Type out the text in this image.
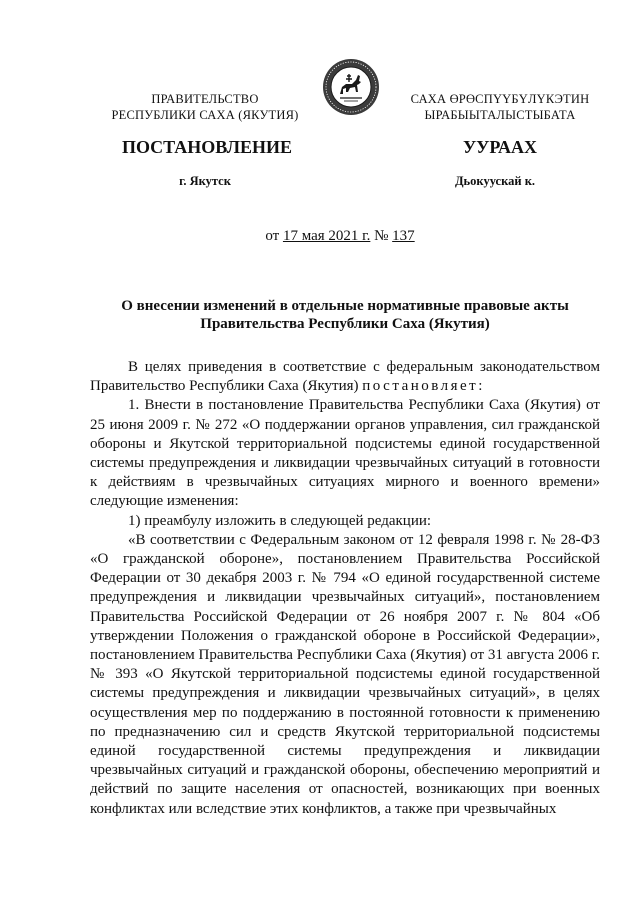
ПРАВИТЕЛЬСТВО
РЕСПУБЛИКИ САХА (ЯКУТИЯ)
САХА ӨРӨСПҮҮБҮЛҮКЭТИН
ЫРАБЫЫТАЛЫСТЫБАТА
ПОСТАНОВЛЕНИЕ	УУРААХ
г. Якутск	Дьокуускай к.
от 17 мая 2021 г. № 137
О внесении изменений в отдельные нормативные правовые акты
Правительства Республики Саха (Якутия)

В целях приведения в соответствие с федеральным законодательством Правительство Республики Саха (Якутия) постановляет:

1. Внести в постановление Правительства Республики Саха (Якутия) от 25 июня 2009 г. № 272 «О поддержании органов управления, сил гражданской обороны и Якутской территориальной подсистемы единой государственной системы предупреждения и ликвидации чрезвычайных ситуаций в готовности к действиям в чрезвычайных ситуациях мирного и военного времени» следующие изменения:

1) преамбулу изложить в следующей редакции:

«В соответствии с Федеральным законом от 12 февраля 1998 г. № 28-ФЗ «О гражданской обороне», постановлением Правительства Российской Федерации от 30 декабря 2003 г. № 794 «О единой государственной системе предупреждения и ликвидации чрезвычайных ситуаций», постановлением Правительства Российской Федерации от 26 ноября 2007 г. № 804 «Об утверждении Положения о гражданской обороне в Российской Федерации», постановлением Правительства Республики Саха (Якутия) от 31 августа 2006 г. № 393 «О Якутской территориальной подсистемы единой государственной системы предупреждения и ликвидации чрезвычайных ситуаций», в целях осуществления мер по поддержанию в постоянной готовности к применению по предназначению сил и средств Якутской территориальной подсистемы единой государственной системы предупреждения и ликвидации чрезвычайных ситуаций и гражданской обороны, обеспечению мероприятий и действий по защите населения от опасностей, возникающих при военных конфликтах или вследствие этих конфликтов, а также при чрезвычайных
